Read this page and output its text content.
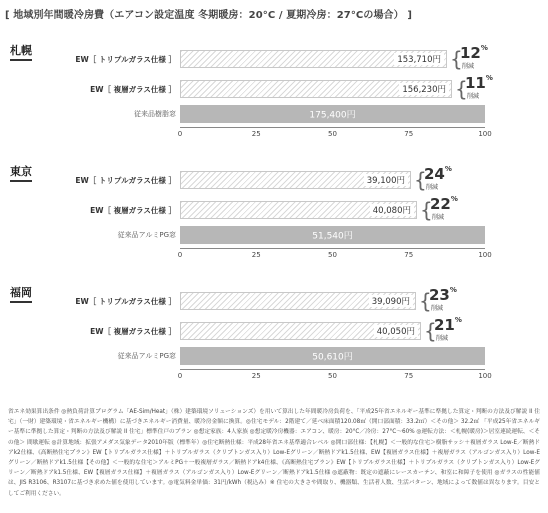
[ 地域別年間暖冷房費（エアコン設定温度 冬期暖房：20°C / 夏期冷房：27°Cの場合） ]
札幌
EW［ トリプルガラス仕様 ］	153,710円 {
12%
削減
EW［ 複層ガラス仕様 ］	156,230円 {
11%
削減
従来品樹脂窓	175,400円
0	25	50	75	100
東京
EW［ トリプルガラス仕様 ］	39,100円 {
24%
削減
EW［ 複層ガラス仕様 ］	40,080円 {
22%
削減
従来品アルミPG窓	51,540円
0	25	50	75	100
福岡
EW［ トリプルガラス仕様 ］	39,090円 {
23%
削減
EW［ 複層ガラス仕様 ］	40,050円 {
21%
削減
従来品アルミPG窓	50,610円
0	25	50	75	100
省エネ効果算出条件 ◎熱負荷計算プログラム「AE-Sim/Heat」（株）建築環境ソリューションズ）を用いて算出した年間暖冷房負荷を、「平成25年省エネルギー基準に準拠した算定・判断の方法及び解説 II 住宅」（一財）建築環境・省エネルギー機構）に基づきエネルギー消費量、暖冷房金額に換算。◎住宅モデル：2階建て／延べ床面積120.08㎡（開口部面積：33.2㎡）＜その他＞ 32.2㎡ 「平成25年省エネルギー基準に準拠した算定・判断の方法及び解説 II 住宅」標準住戸のプラン ◎想定家族：4人家族 ◎想定暖冷房機器：エアコン、暖房：20°C／冷房：27°C〜60% ◎運転方法：＜札幌(暖房)＞居室連続運転、＜その他＞ 間歇運転 ◎計算地域：拡張アメダス気象データ2010年版（標準年）◎住宅断熱仕様：平成28年省エネ基準適合レベル ◎開口部仕様：【札幌】＜一般的な住宅＞樹脂サッシ＋複層ガラス Low-E／断熱ドアk2仕様、《高断熱住宅プラン》EW【トリプルガラス仕様】＋トリプルガラス（クリプトンガス入り）Low-Eグリーン／断熱ドアk1.5仕様、EW【複層ガラス仕様】＋複層ガラス（アルゴンガス入り）Low-Eグリーン／断熱ドアk1.5仕様【その他】＜一般的な住宅＞アルミPG＋一般複層ガラス／断熱ドアk4仕様、《高断熱住宅プラン》EW【トリプルガラス仕様】＋トリプルガラス（クリプトンガス入り）Low-Eグリーン／断熱ドアk1.5仕様、EW【複層ガラス仕様】＋複層ガラス（アルゴンガス入り）Low-Eグリーン／断熱ドアk1.5仕様 ◎遮蔽物：既定の遮蔽にレースカーテン、和室に和障子を使用 ◎ガラスの性能値は、JIS R3106、R3107に基づき求めた値を使用しています。◎電気料金単価：31円/kWh（税込み）※ 住宅の大きさや間取り、機器類、生活者人数、生活パターン、地域によって数値は異なります。目安としてご利用ください。
